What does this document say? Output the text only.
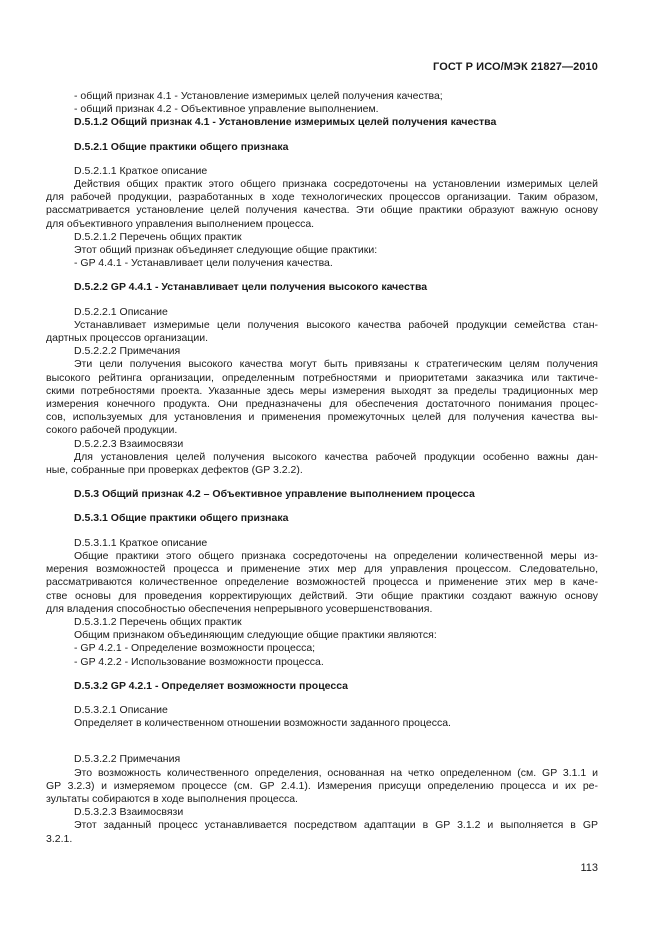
ГОСТ Р ИСО/МЭК 21827—2010
- общий признак 4.1 - Установление измеримых целей получения качества;
- общий признак 4.2 - Объективное управление выполнением.
D.5.1.2 Общий признак 4.1 - Установление измеримых целей получения качества
D.5.2.1 Общие практики общего признака
D.5.2.1.1 Краткое описание
Действия общих практик этого общего признака сосредоточены на установлении измеримых целей
для рабочей продукции, разработанных в ходе технологических процессов организации. Таким образом,
рассматривается установление целей получения качества. Эти общие практики образуют важную основу
для объективного управления выполнением процесса.
D.5.2.1.2 Перечень общих практик
Этот общий признак объединяет следующие общие практики:
- GP 4.4.1 - Устанавливает цели получения качества.
D.5.2.2 GP 4.4.1 - Устанавливает цели получения высокого качества
D.5.2.2.1 Описание
Устанавливает измеримые цели получения высокого качества рабочей продукции семейства стан-
дартных процессов организации.
D.5.2.2.2 Примечания
Эти цели получения высокого качества могут быть привязаны к стратегическим целям получения
высокого рейтинга организации, определенным потребностями и приоритетами заказчика или тактиче-
скими потребностями проекта. Указанные здесь меры измерения выходят за пределы традиционных мер
измерения конечного продукта. Они предназначены для обеспечения достаточного понимания процес-
сов, используемых для установления и применения промежуточных целей для получения качества вы-
сокого рабочей продукции.
D.5.2.2.3 Взаимосвязи
Для установления целей получения высокого качества рабочей продукции особенно важны дан-
ные, собранные при проверках дефектов (GP 3.2.2).
D.5.3 Общий признак 4.2 – Объективное управление выполнением процесса
D.5.3.1 Общие практики общего признака
D.5.3.1.1 Краткое описание
Общие практики этого общего признака сосредоточены на определении количественной меры из-
мерения возможностей процесса и применение этих мер для управления процессом. Следовательно,
рассматриваются количественное определение возможностей процесса и применение этих мер в каче-
стве основы для проведения корректирующих действий. Эти общие практики создают важную основу
для владения способностью обеспечения непрерывного усовершенствования.
D.5.3.1.2 Перечень общих практик
Общим признаком объединяющим следующие общие практики являются:
- GP 4.2.1 - Определение возможности процесса;
- GP 4.2.2 - Использование возможности процесса.
D.5.3.2 GP 4.2.1 - Определяет возможности процесса
D.5.3.2.1 Описание
Определяет в количественном отношении возможности заданного процесса.
D.5.3.2.2 Примечания
Это возможность количественного определения, основанная на четко определенном (см. GP 3.1.1 и
GP 3.2.3) и измеряемом процессе (см. GP 2.4.1). Измерения присущи определению процесса и их ре-
зультаты собираются в ходе выполнения процесса.
D.5.3.2.3 Взаимосвязи
Этот заданный процесс устанавливается посредством адаптации в GP 3.1.2 и выполняется в GP
3.2.1.
113
